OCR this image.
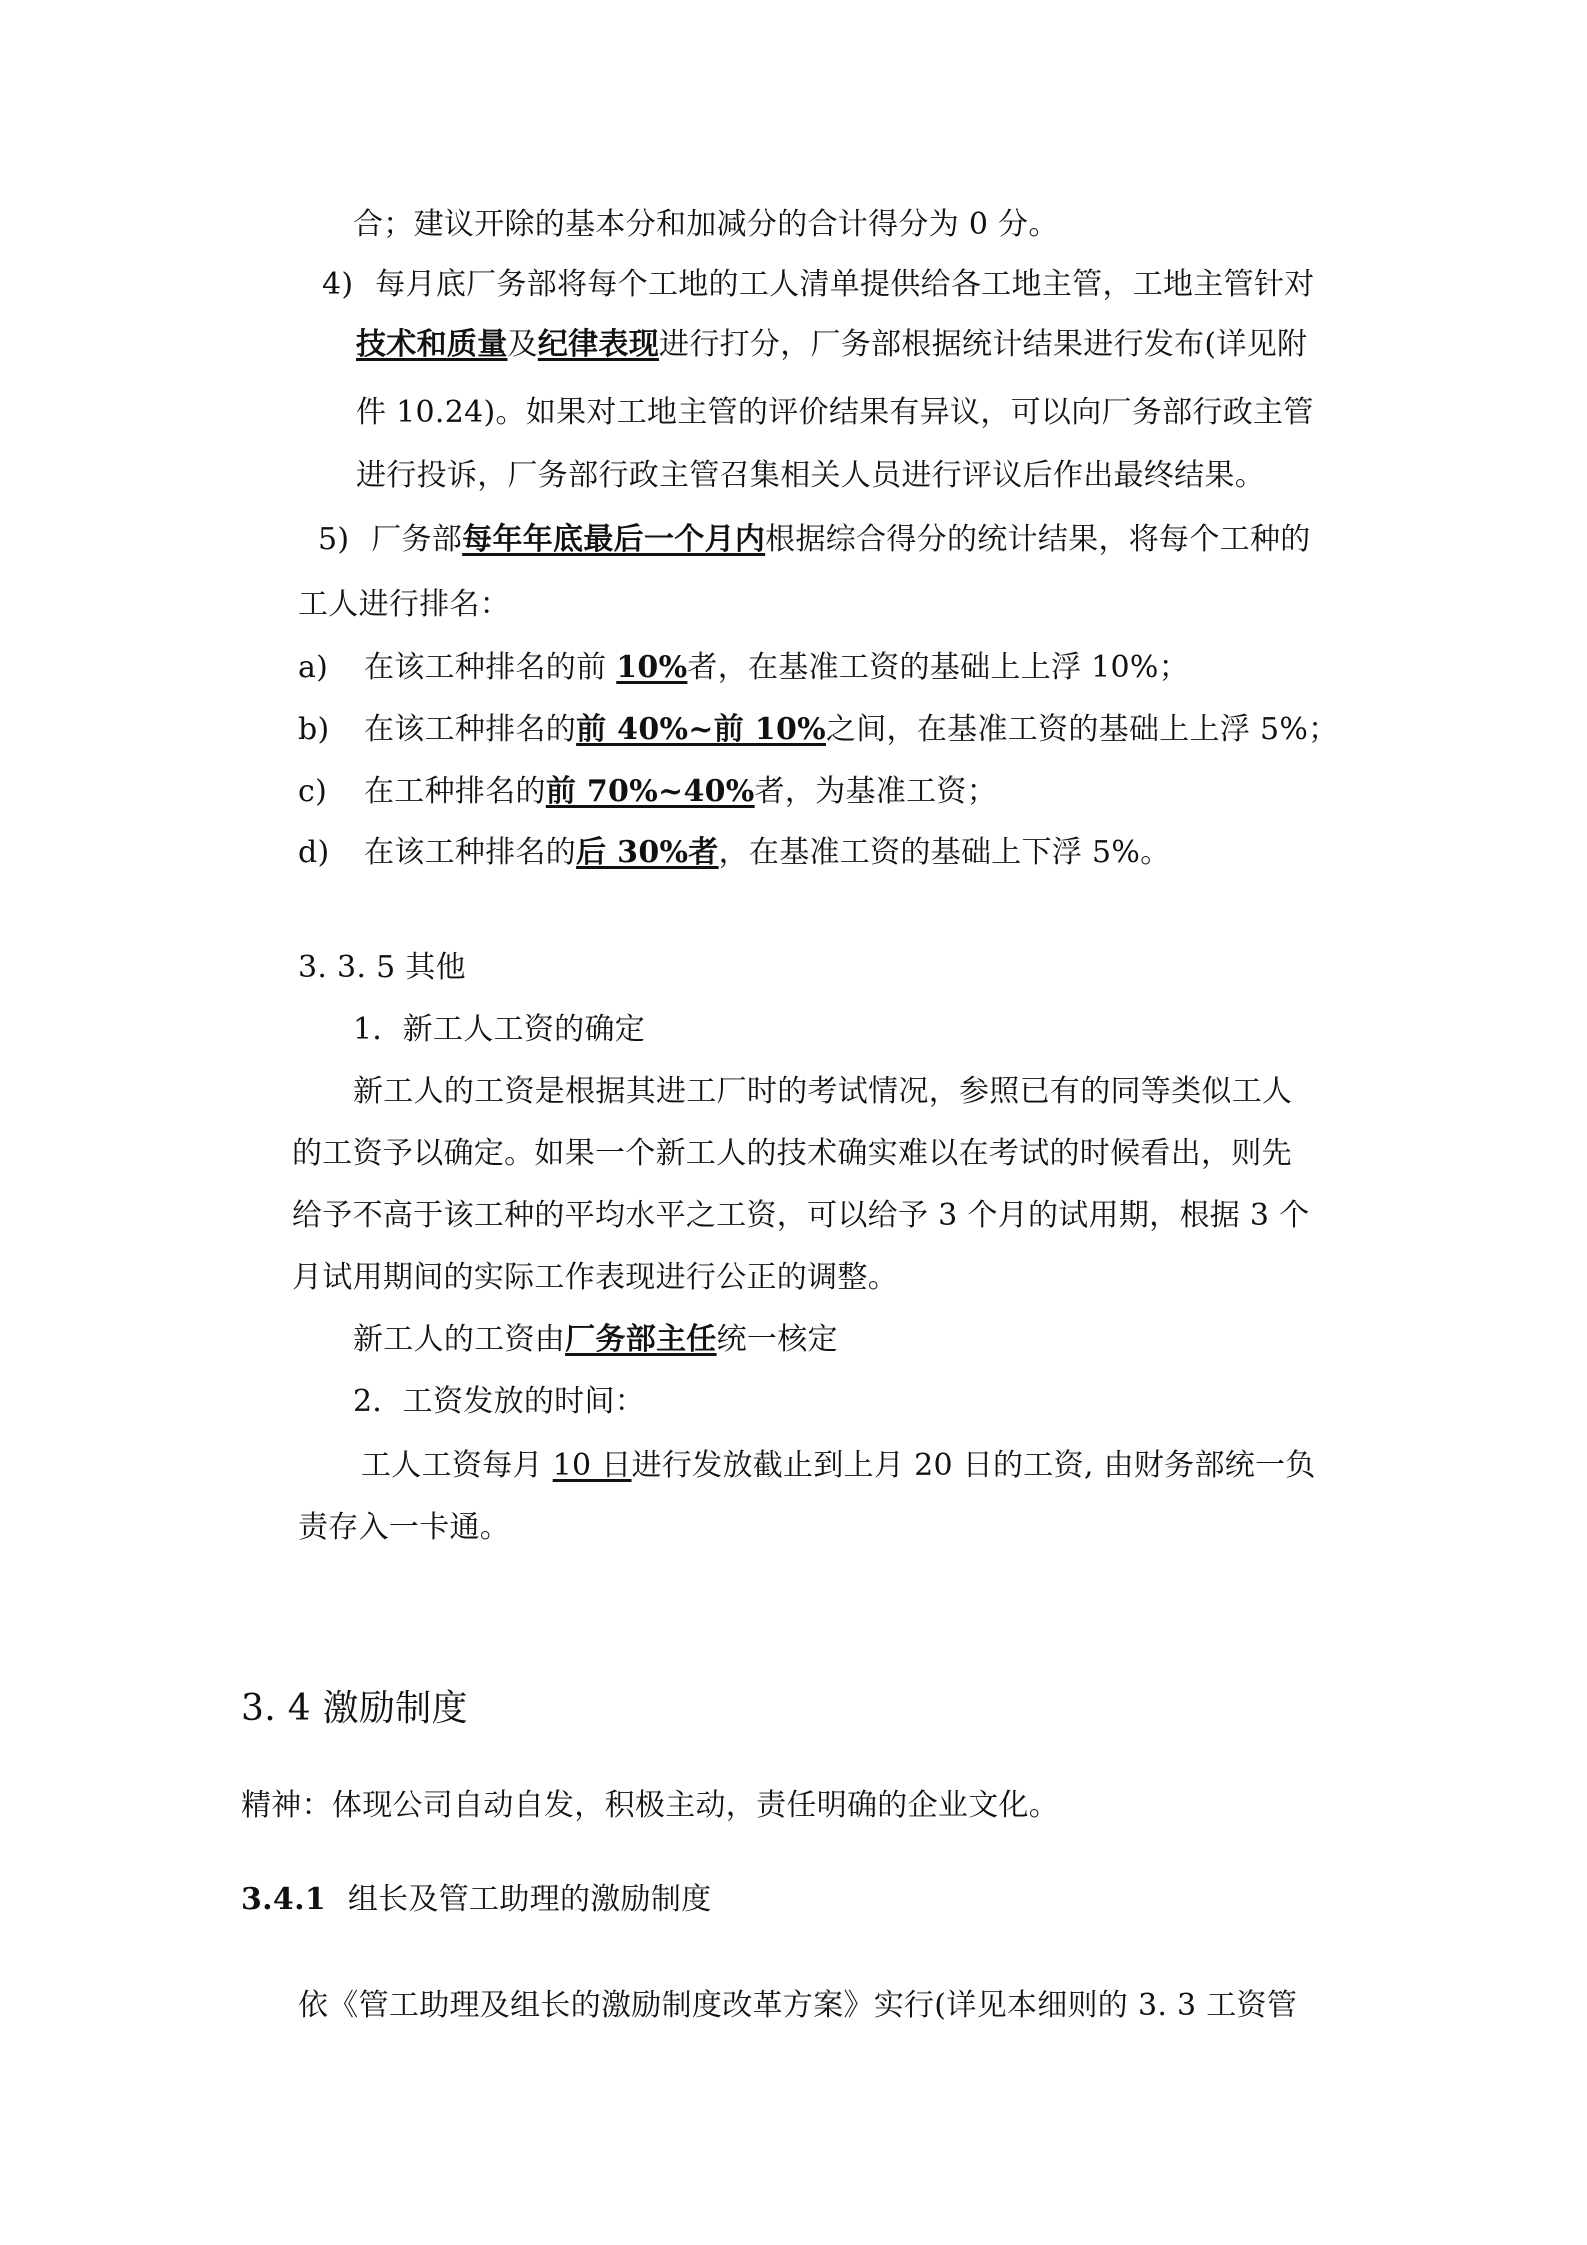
合；建议开除的基本分和加减分的合计得分为 0 分。
4) 每月底厂务部将每个工地的工人清单提供给各工地主管，工地主管针对
技术和质量及纪律表现进行打分，厂务部根据统计结果进行发布(详见附
件 10.24)。如果对工地主管的评价结果有异议，可以向厂务部行政主管
进行投诉，厂务部行政主管召集相关人员进行评议后作出最终结果。
5) 厂务部每年年底最后一个月内根据综合得分的统计结果，将每个工种的
工人进行排名：
a) 在该工种排名的前 10%者，在基准工资的基础上上浮 10%；
b) 在该工种排名的前 40%~前 10%之间，在基准工资的基础上上浮 5%；
c) 在工种排名的前 70%~40%者，为基准工资；
d) 在该工种排名的后 30%者，在基准工资的基础上下浮 5%。
3. 3. 5 其他
1．新工人工资的确定
新工人的工资是根据其进工厂时的考试情况，参照已有的同等类似工人
的工资予以确定。如果一个新工人的技术确实难以在考试的时候看出，则先
给予不高于该工种的平均水平之工资，可以给予 3 个月的试用期，根据 3 个
月试用期间的实际工作表现进行公正的调整。
新工人的工资由厂务部主任统一核定
2．工资发放的时间：
工人工资每月 10 日进行发放截止到上月 20 日的工资, 由财务部统一负
责存入一卡通。
3. 4 激励制度
精神：体现公司自动自发，积极主动，责任明确的企业文化。
3.4.1 组长及管工助理的激励制度
依《管工助理及组长的激励制度改革方案》实行(详见本细则的 3. 3 工资管
